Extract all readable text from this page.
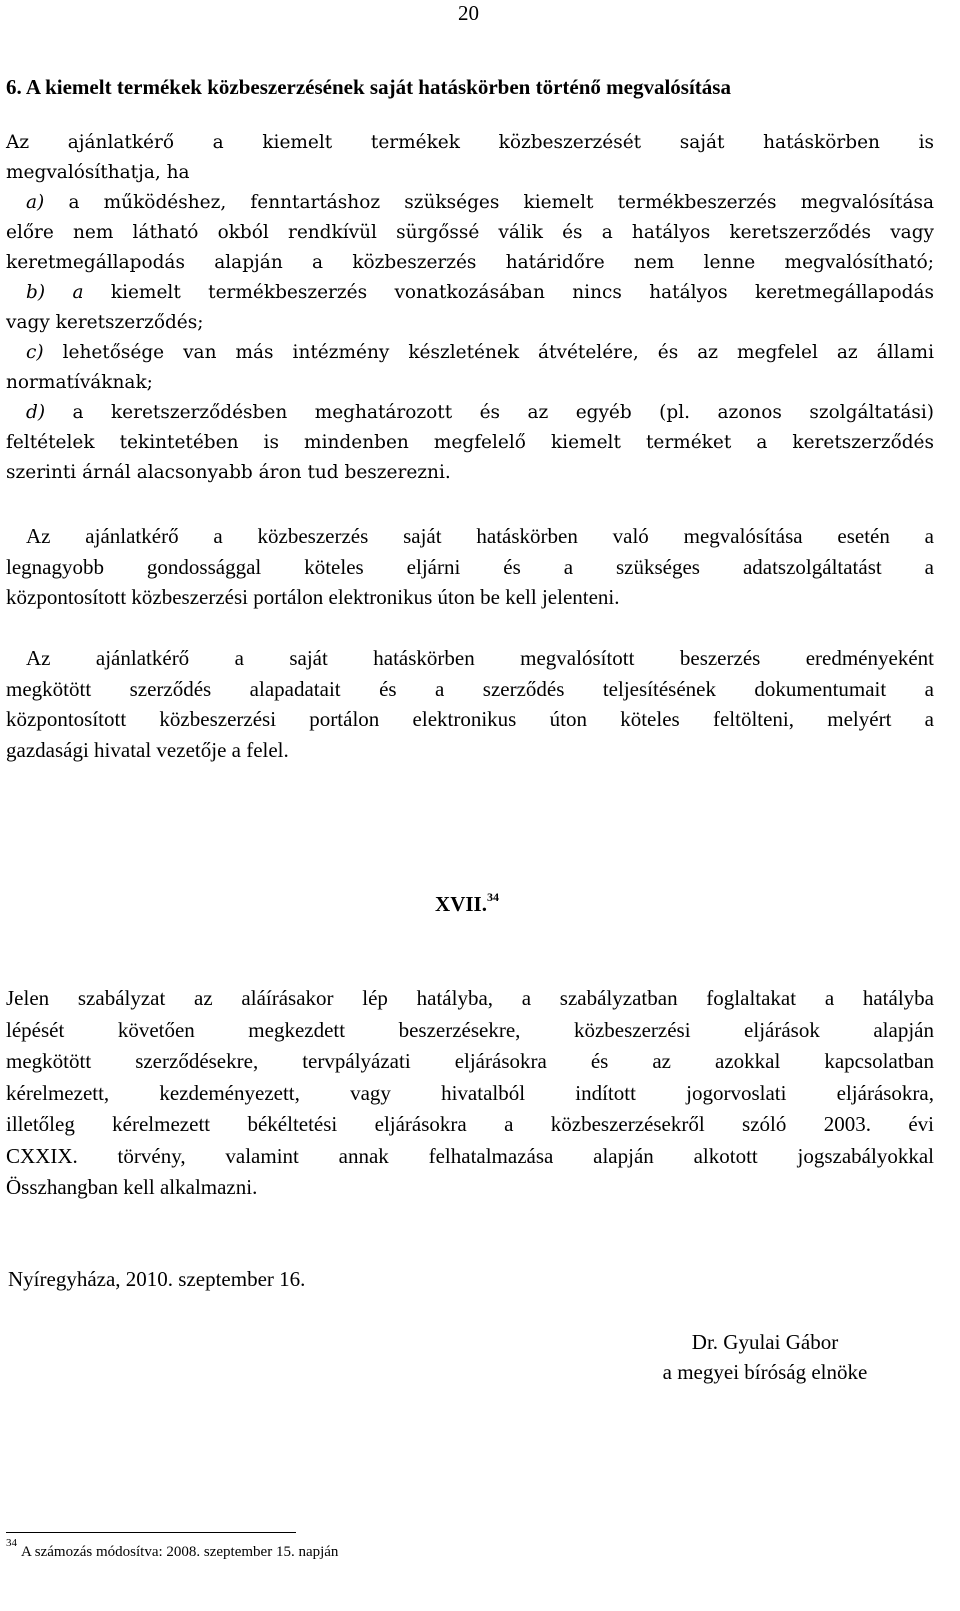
20
6. A kiemelt termékek közbeszerzésének saját hatáskörben történő megvalósítása
Az ajánlatkérő a kiemelt termékek közbeszerzését saját hatáskörben is
megvalósíthatja, ha
a) a működéshez, fenntartáshoz szükséges kiemelt termékbeszerzés megvalósítása
előre nem látható okból rendkívül sürgőssé válik és a hatályos keretszerződés vagy
keretmegállapodás alapján a közbeszerzés határidőre nem lenne megvalósítható;
b) a kiemelt termékbeszerzés vonatkozásában nincs hatályos keretmegállapodás
vagy keretszerződés;
c) lehetősége van más intézmény készletének átvételére, és az megfelel az állami
normatíváknak;
d) a keretszerződésben meghatározott és az egyéb (pl. azonos szolgáltatási)
feltételek tekintetében is mindenben megfelelő kiemelt terméket a keretszerződés
szerinti árnál alacsonyabb áron tud beszerezni.
Az ajánlatkérő a közbeszerzés saját hatáskörben való megvalósítása esetén a
legnagyobb gondossággal köteles eljárni és a szükséges adatszolgáltatást a
központosított közbeszerzési portálon elektronikus úton be kell jelenteni.
Az ajánlatkérő a saját hatáskörben megvalósított beszerzés eredményeként
megkötött szerződés alapadatait és a szerződés teljesítésének dokumentumait a
központosított közbeszerzési portálon elektronikus úton köteles feltölteni, melyért a
gazdasági hivatal vezetője a felel.
XVII.$^{34}$
Jelen szabályzat az aláírásakor lép hatályba, a szabályzatban foglaltakat a hatályba
lépését követően megkezdett beszerzésekre, közbeszerzési eljárások alapján
megkötött szerződésekre, tervpályázati eljárásokra és az azokkal kapcsolatban
kérelmezett, kezdeményezett, vagy hivatalból indított jogorvoslati eljárásokra,
illetőleg kérelmezett békéltetési eljárásokra a közbeszerzésekről szóló 2003. évi
CXXIX. törvény, valamint annak felhatalmazása alapján alkotott jogszabályokkal
Összhangban kell alkalmazni.
Nyíregyháza, 2010. szeptember 16.
Dr. Gyulai Gábor
a megyei bíróság elnöke
$^{34}$A számozás módosítva: 2008. szeptember 15. napján
